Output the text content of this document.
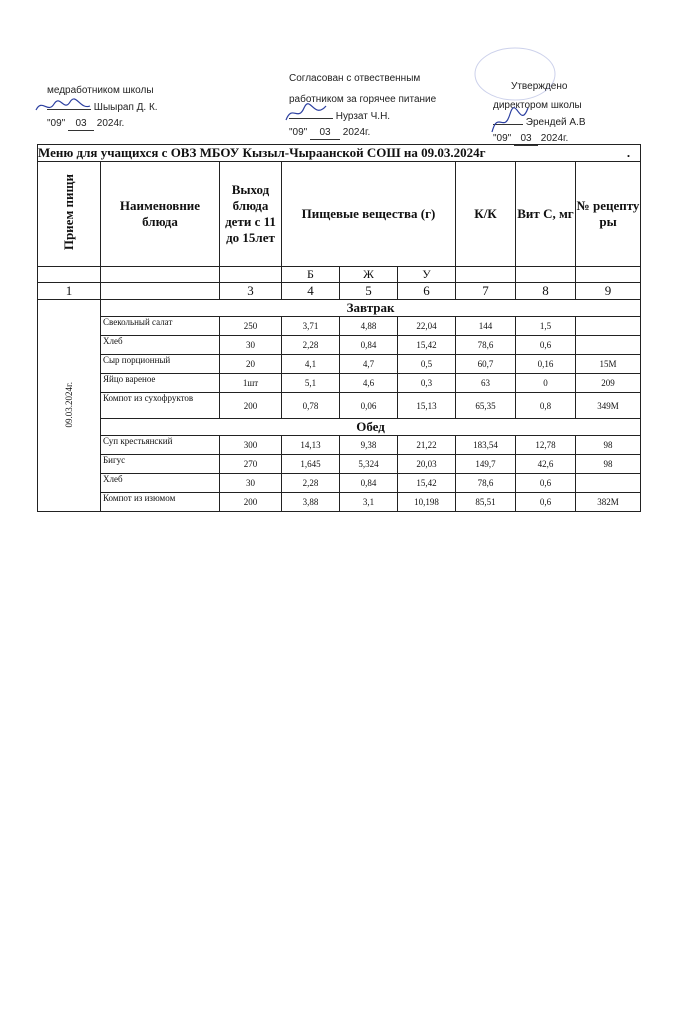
медработником школы
Шыырап Д. К.
"09" 03 2024г.
Согласован с отвественным
работником за горячее питание
Нурзат Ч.Н.
"09" 03 2024г.
Утверждено
директором школы
Эрендей А.В
"09" 03 2024г.
Меню для учащихся с ОВЗ МБОУ Кызыл-Чыраанской СОШ на 09.03.2024г .								

Прием пищи	Наименовние блюда	Выход блюда дети с 11 до 15лет	Пищевые вещества (г)			К/К	Вит С, мг	№ рецепту ры
			Б	Ж	У			
1		3	4	5	6	7	8	9
09.03.2024г.	Завтрак							
	Свекольный салат	250	3,71	4,88	22,04	144	1,5	
	Хлеб	30	2,28	0,84	15,42	78,6	0,6	
	Сыр порционный	20	4,1	4,7	0,5	60,7	0,16	15М
	Яйцо вареное	1шт	5,1	4,6	0,3	63	0	209
	Компот из сухофруктов	200	0,78	0,06	15,13	65,35	0,8	349М
	Обед							
	Суп крестьянский	300	14,13	9,38	21,22	183,54	12,78	98
	Бигус	270	1,645	5,324	20,03	149,7	42,6	98
	Хлеб	30	2,28	0,84	15,42	78,6	0,6	
	Компот из изюмом	200	3,88	3,1	10,198	85,51	0,6	382М
